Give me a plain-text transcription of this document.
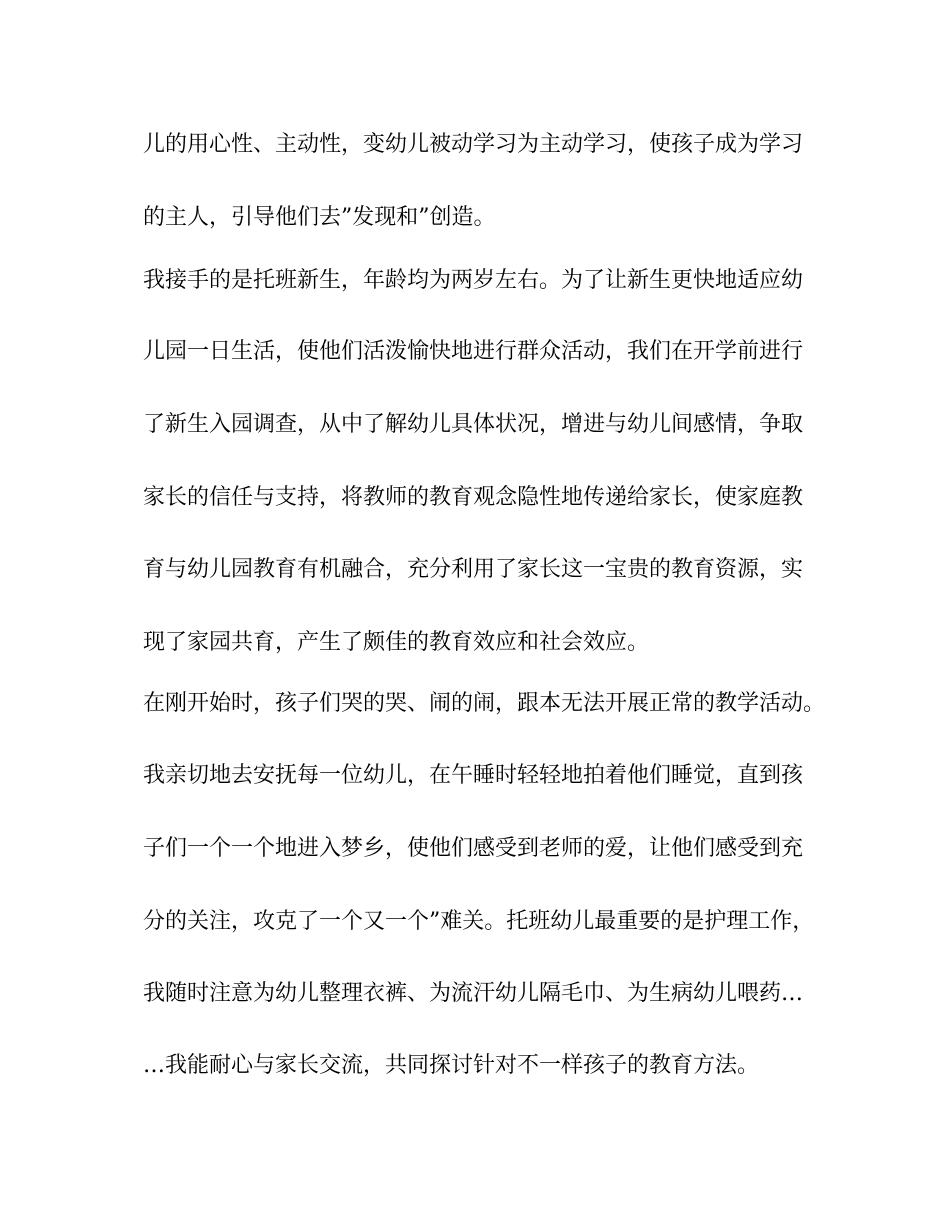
儿的用心性、主动性，变幼儿被动学习为主动学习，使孩子成为学习
的主人，引导他们去”发现和”创造。
我接手的是托班新生，年龄均为两岁左右。为了让新生更快地适应幼
儿园一日生活，使他们活泼愉快地进行群众活动，我们在开学前进行
了新生入园调查，从中了解幼儿具体状况，增进与幼儿间感情，争取
家长的信任与支持，将教师的教育观念隐性地传递给家长，使家庭教
育与幼儿园教育有机融合，充分利用了家长这一宝贵的教育资源，实
现了家园共育，产生了颇佳的教育效应和社会效应。
在刚开始时，孩子们哭的哭、闹的闹，跟本无法开展正常的教学活动。
我亲切地去安抚每一位幼儿，在午睡时轻轻地拍着他们睡觉，直到孩
子们一个一个地进入梦乡，使他们感受到老师的爱，让他们感受到充
分的关注，攻克了一个又一个”难关。托班幼儿最重要的是护理工作，
我随时注意为幼儿整理衣裤、为流汗幼儿隔毛巾、为生病幼儿喂药…
…我能耐心与家长交流，共同探讨针对不一样孩子的教育方法。
